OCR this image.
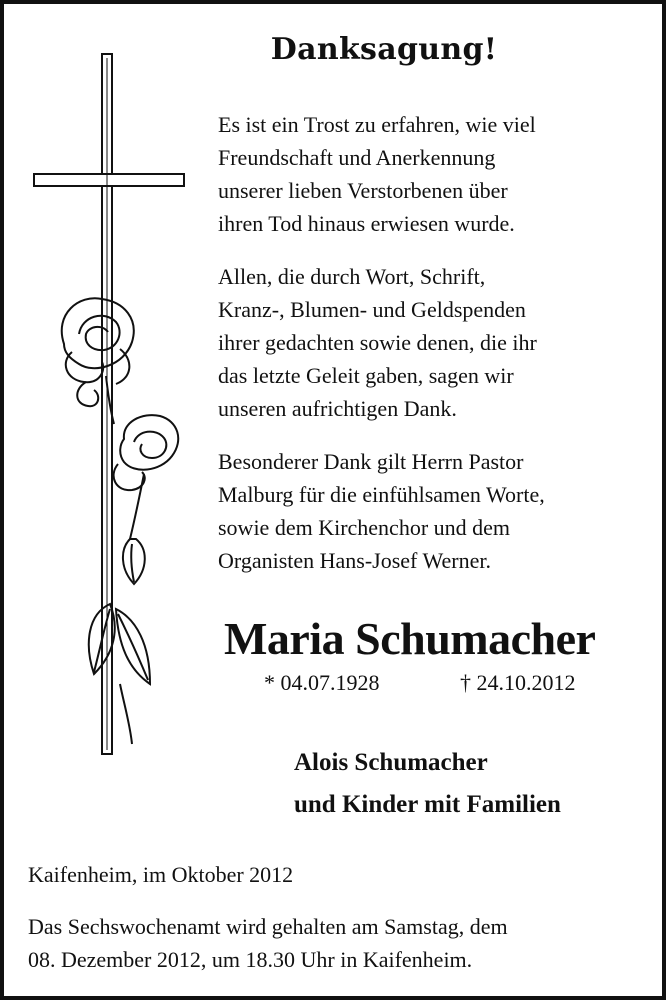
Danksagung!
Es ist ein Trost zu erfahren, wie viel
Freundschaft und Anerkennung
unserer lieben Verstorbenen über
ihren Tod hinaus erwiesen wurde.
Allen, die durch Wort, Schrift,
Kranz-, Blumen- und Geldspenden
ihrer gedachten sowie denen, die ihr
das letzte Geleit gaben, sagen wir
unseren aufrichtigen Dank.
Besonderer Dank gilt Herrn Pastor
Malburg für die einfühlsamen Worte,
sowie dem Kirchenchor und dem
Organisten Hans-Josef Werner.
Maria Schumacher
* 04.07.1928	† 24.10.2012
Alois Schumacher
und Kinder mit Familien
Kaifenheim, im Oktober 2012
Das Sechswochenamt wird gehalten am Samstag, dem
08. Dezember 2012, um 18.30 Uhr in Kaifenheim.
